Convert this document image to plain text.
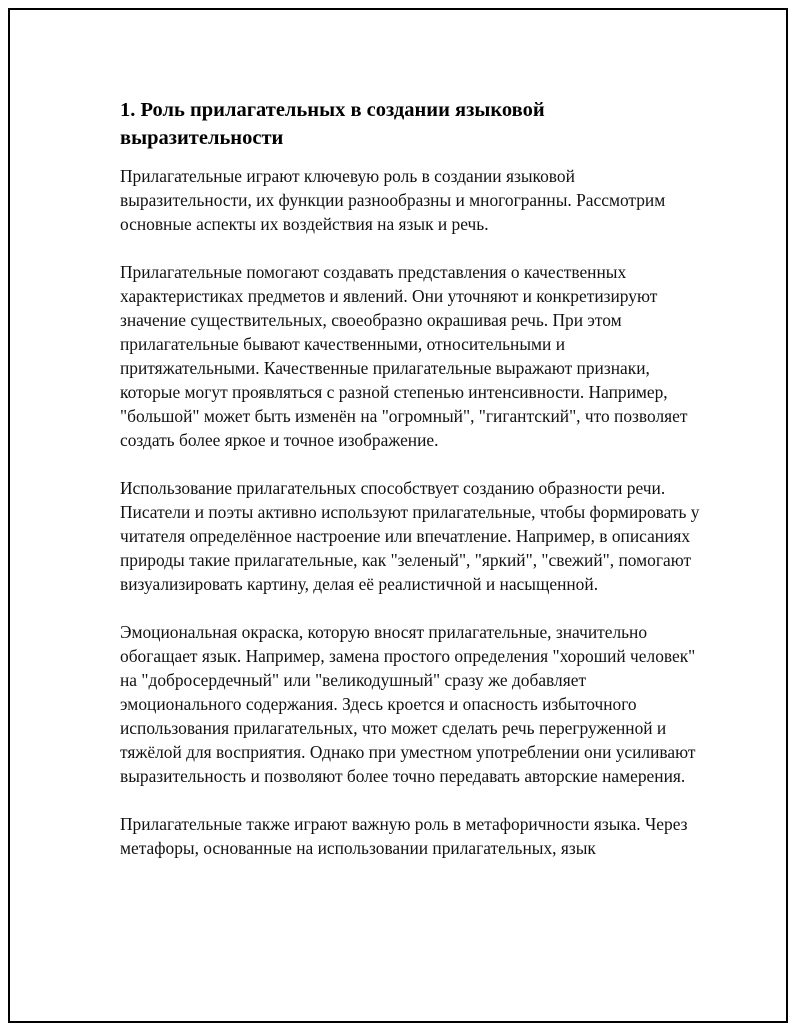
1. Роль прилагательных в создании языковой выразительности

Прилагательные играют ключевую роль в создании языковой выразительности, их функции разнообразны и многогранны. Рассмотрим основные аспекты их воздействия на язык и речь.

Прилагательные помогают создавать представления о качественных характеристиках предметов и явлений. Они уточняют и конкретизируют значение существительных, своеобразно окрашивая речь. При этом прилагательные бывают качественными, относительными и притяжательными. Качественные прилагательные выражают признаки, которые могут проявляться с разной степенью интенсивности. Например, "большой" может быть изменён на "огромный", "гигантский", что позволяет создать более яркое и точное изображение.

Использование прилагательных способствует созданию образности речи. Писатели и поэты активно используют прилагательные, чтобы формировать у читателя определённое настроение или впечатление. Например, в описаниях природы такие прилагательные, как "зеленый", "яркий", "свежий", помогают визуализировать картину, делая её реалистичной и насыщенной.

Эмоциональная окраска, которую вносят прилагательные, значительно обогащает язык. Например, замена простого определения "хороший человек" на "добросердечный" или "великодушный" сразу же добавляет эмоционального содержания. Здесь кроется и опасность избыточного использования прилагательных, что может сделать речь перегруженной и тяжёлой для восприятия. Однако при уместном употреблении они усиливают выразительность и позволяют более точно передавать авторские намерения.

Прилагательные также играют важную роль в метафоричности языка. Через метафоры, основанные на использовании прилагательных, язык
